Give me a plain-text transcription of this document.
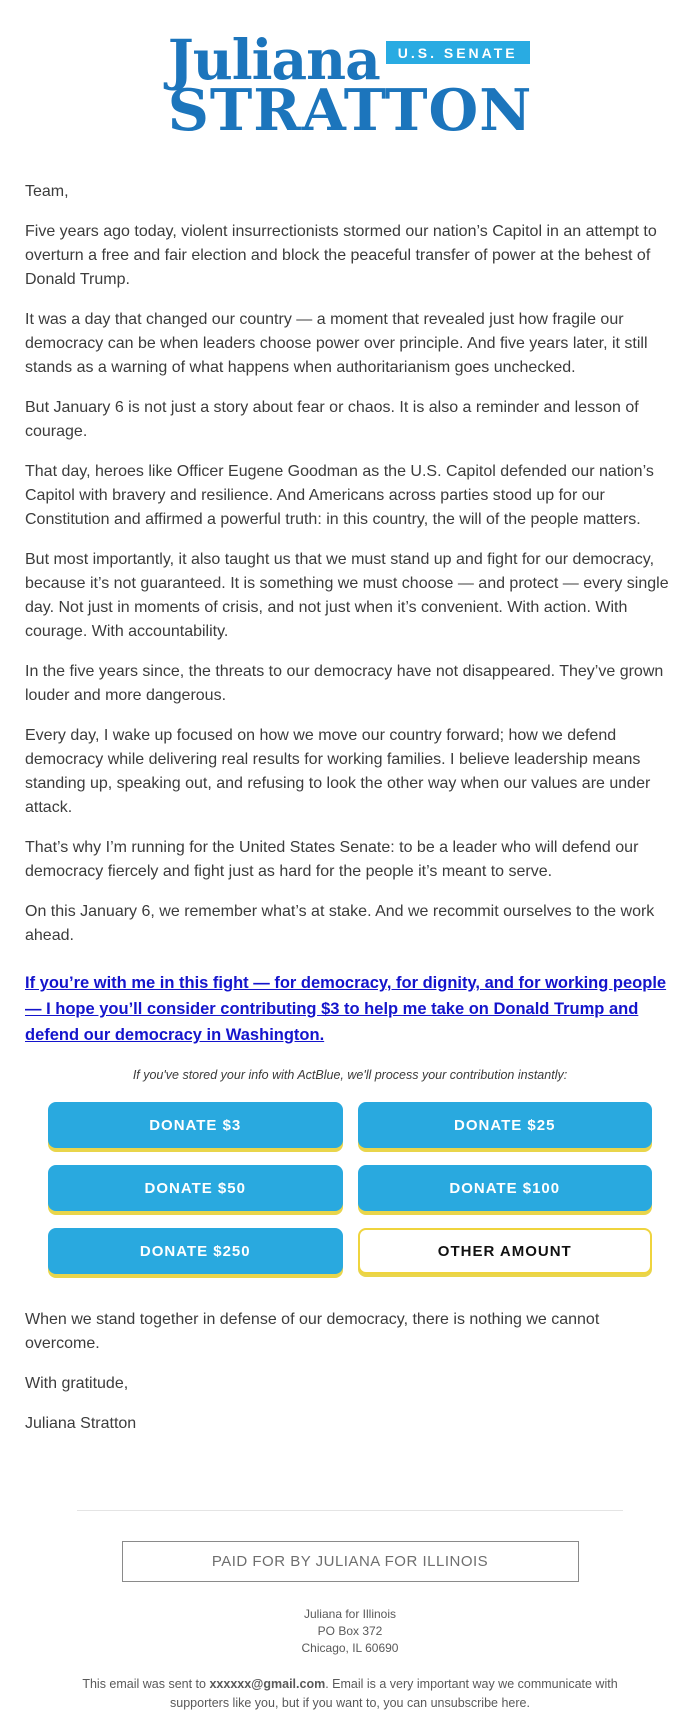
Juliana	U.S. SENATE
STRATTON

Team,

Five years ago today, violent insurrectionists stormed our nation’s Capitol in an attempt to overturn a free and fair election and block the peaceful transfer of power at the behest of Donald Trump.

It was a day that changed our country — a moment that revealed just how fragile our democracy can be when leaders choose power over principle. And five years later, it still stands as a warning of what happens when authoritarianism goes unchecked.

But January 6 is not just a story about fear or chaos. It is also a reminder and lesson of courage.

That day, heroes like Officer Eugene Goodman as the U.S. Capitol defended our nation’s Capitol with bravery and resilience. And Americans across parties stood up for our Constitution and affirmed a powerful truth: in this country, the will of the people matters.

But most importantly, it also taught us that we must stand up and fight for our democracy, because it’s not guaranteed. It is something we must choose — and protect — every single day. Not just in moments of crisis, and not just when it’s convenient. With action. With courage. With accountability.

In the five years since, the threats to our democracy have not disappeared. They’ve grown louder and more dangerous.

Every day, I wake up focused on how we move our country forward; how we defend democracy while delivering real results for working families. I believe leadership means standing up, speaking out, and refusing to look the other way when our values are under attack.

That’s why I’m running for the United States Senate: to be a leader who will defend our democracy fiercely and fight just as hard for the people it’s meant to serve.

On this January 6, we remember what’s at stake. And we recommit ourselves to the work ahead.

If you’re with me in this fight — for democracy, for dignity, and for working people — I hope you’ll consider contributing $3 to help me take on Donald Trump and defend our democracy in Washington.
If you've stored your info with ActBlue, we'll process your contribution instantly:
DONATE $3	DONATE $25
DONATE $50	DONATE $100
DONATE $250	OTHER AMOUNT

When we stand together in defense of our democracy, there is nothing we cannot overcome.

With gratitude,

Juliana Stratton

PAID FOR BY JULIANA FOR ILLINOIS
Juliana for Illinois
PO Box 372
Chicago, IL 60690
This email was sent to xxxxxx@gmail.com. Email is a very important way we communicate with supporters like you, but if you want to, you can unsubscribe here.
